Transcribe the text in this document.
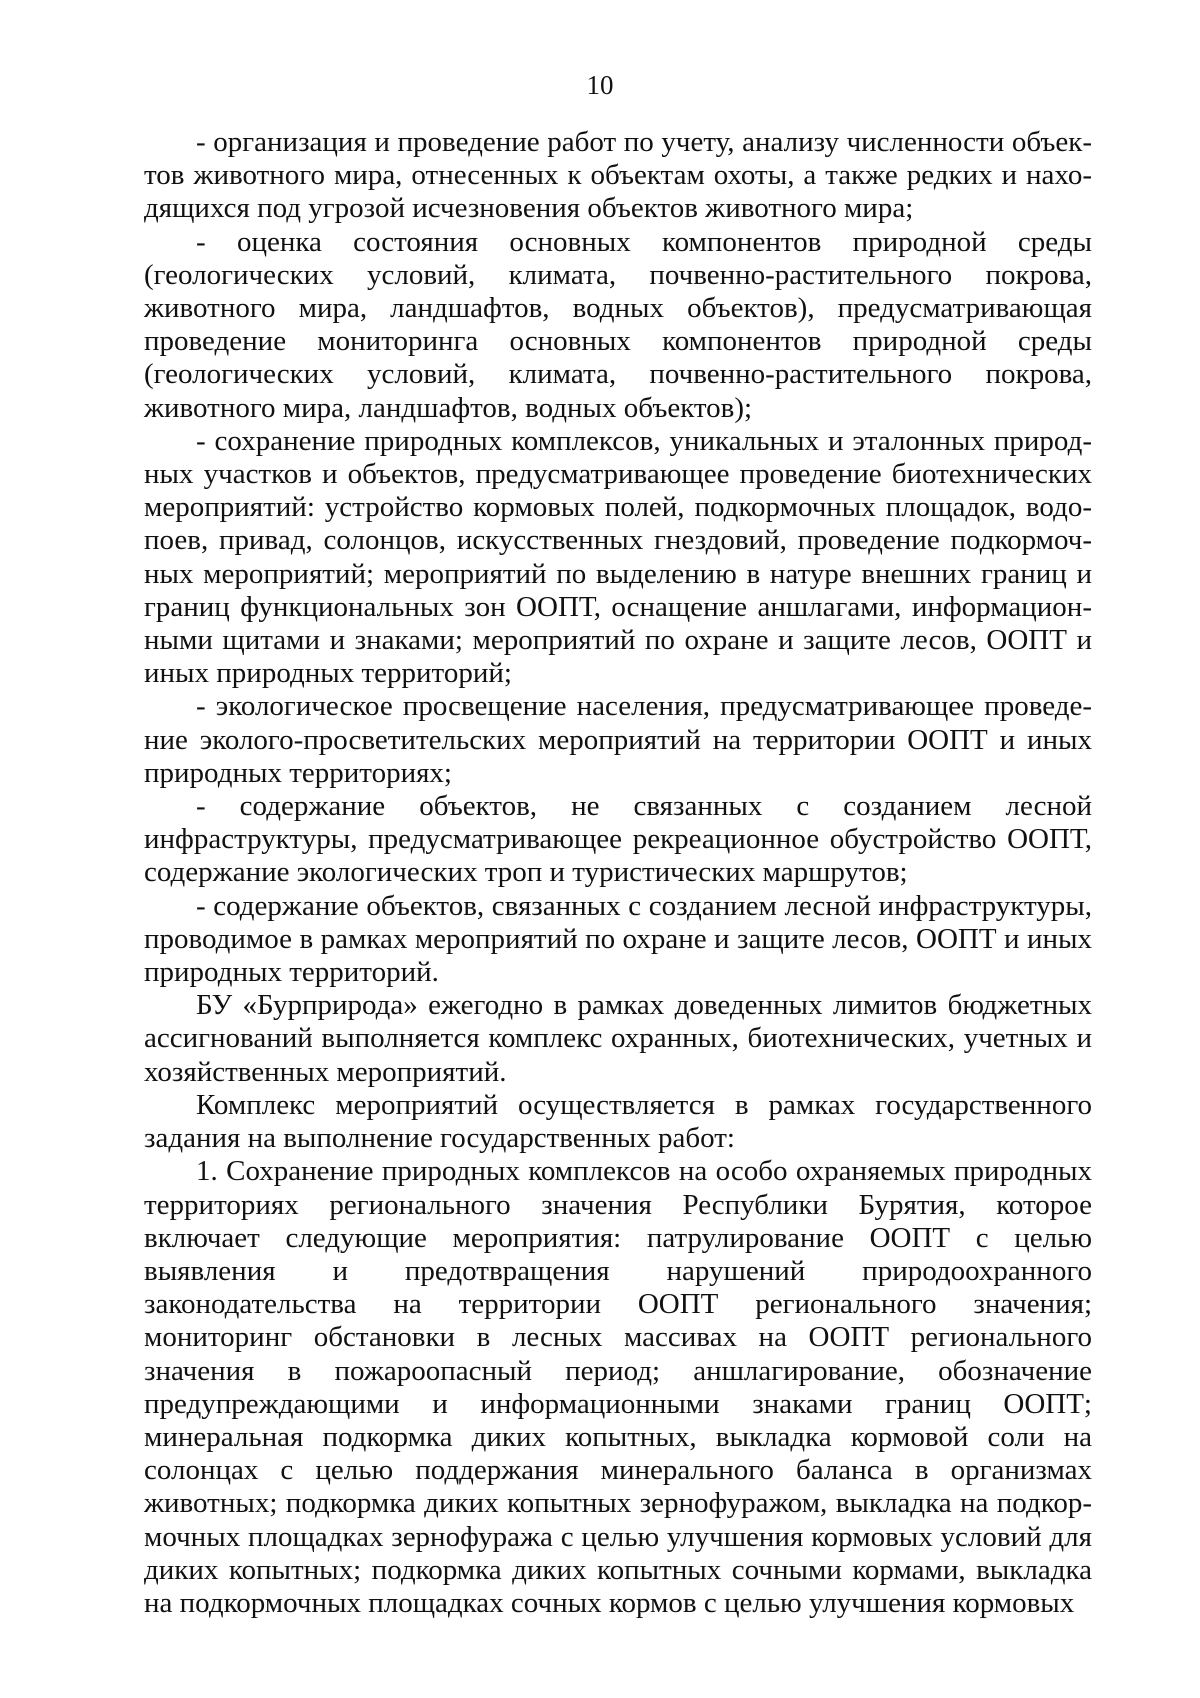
10

- организация и проведение работ по учету, анализу численности объектов животного мира, отнесенных к объектам охоты, а также редких и находящихся под угрозой исчезновения объектов животного мира;

- оценка состояния основных компонентов природной среды (геологических условий, климата, почвенно-растительного покрова, животного мира, ландшафтов, водных объектов), предусматривающая проведение мониторинга основных компонентов природной среды (геологических условий, климата, почвенно-растительного покрова, животного мира, ландшафтов, водных объектов);

- сохранение природных комплексов, уникальных и эталонных природных участков и объектов, предусматривающее проведение биотехнических мероприятий: устройство кормовых полей, подкормочных площадок, водопоев, привад, солонцов, искусственных гнездовий, проведение подкормочных мероприятий; мероприятий по выделению в натуре внешних границ и границ функциональных зон ООПТ, оснащение аншлагами, информационными щитами и знаками; мероприятий по охране и защите лесов, ООПТ и иных природных территорий;

- экологическое просвещение населения, предусматривающее проведение эколого-просветительских мероприятий на территории ООПТ и иных природных территориях;

- содержание объектов, не связанных с созданием лесной инфраструктуры, предусматривающее рекреационное обустройство ООПТ, содержание экологических троп и туристических маршрутов;

- содержание объектов, связанных с созданием лесной инфраструктуры, проводимое в рамках мероприятий по охране и защите лесов, ООПТ и иных природных территорий.

БУ «Бурприрода» ежегодно в рамках доведенных лимитов бюджетных ассигнований выполняется комплекс охранных, биотехнических, учетных и хозяйственных мероприятий.

Комплекс мероприятий осуществляется в рамках государственного задания на выполнение государственных работ:

1. Сохранение природных комплексов на особо охраняемых природных территориях регионального значения Республики Бурятия, которое включает следующие мероприятия: патрулирование ООПТ с целью выявления и предотвращения нарушений природоохранного законодательства на территории ООПТ регионального значения; мониторинг обстановки в лесных массивах на ООПТ регионального значения в пожароопасный период; аншлагирование, обозначение предупреждающими и информационными знаками границ ООПТ; минеральная подкормка диких копытных, выкладка кормовой соли на солонцах с целью поддержания минерального баланса в организмах животных; подкормка диких копытных зернофуражом, выкладка на подкормочных площадках зернофуража с целью улучшения кормовых условий для диких копытных; подкормка диких копытных сочными кормами, выкладка на подкормочных площадках сочных кормов с целью улучшения кормовых
